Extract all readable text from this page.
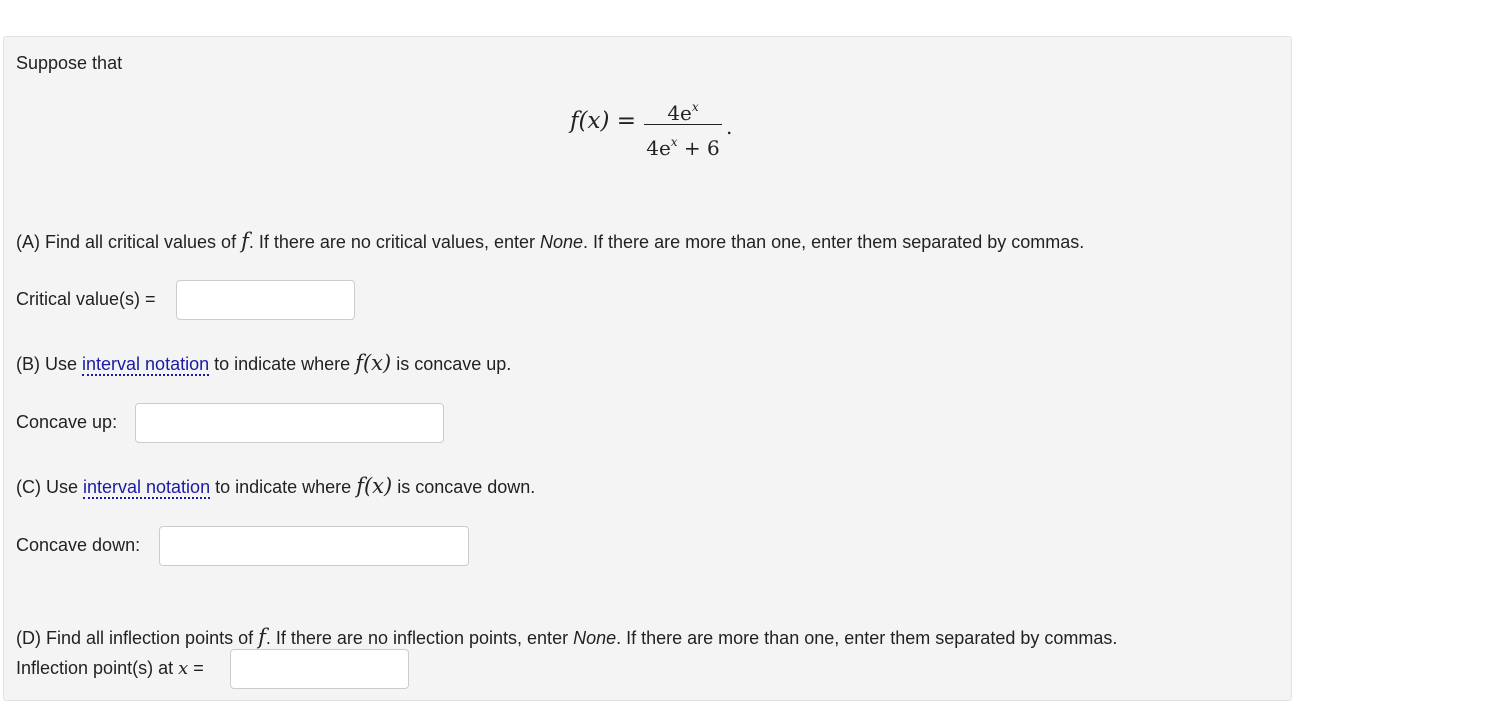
Suppose that
f(x) =	$4e^x$
$4e^x + 6$
.
(A) Find all critical values of f. If there are no critical values, enter None. If there are more than one, enter them separated by commas.
Critical value(s) =
(B) Use interval notation to indicate where f(x) is concave up.
Concave up:
(C) Use interval notation to indicate where f(x) is concave down.
Concave down:
(D) Find all inflection points of f. If there are no inflection points, enter None. If there are more than one, enter them separated by commas.
Inflection point(s) at x =
